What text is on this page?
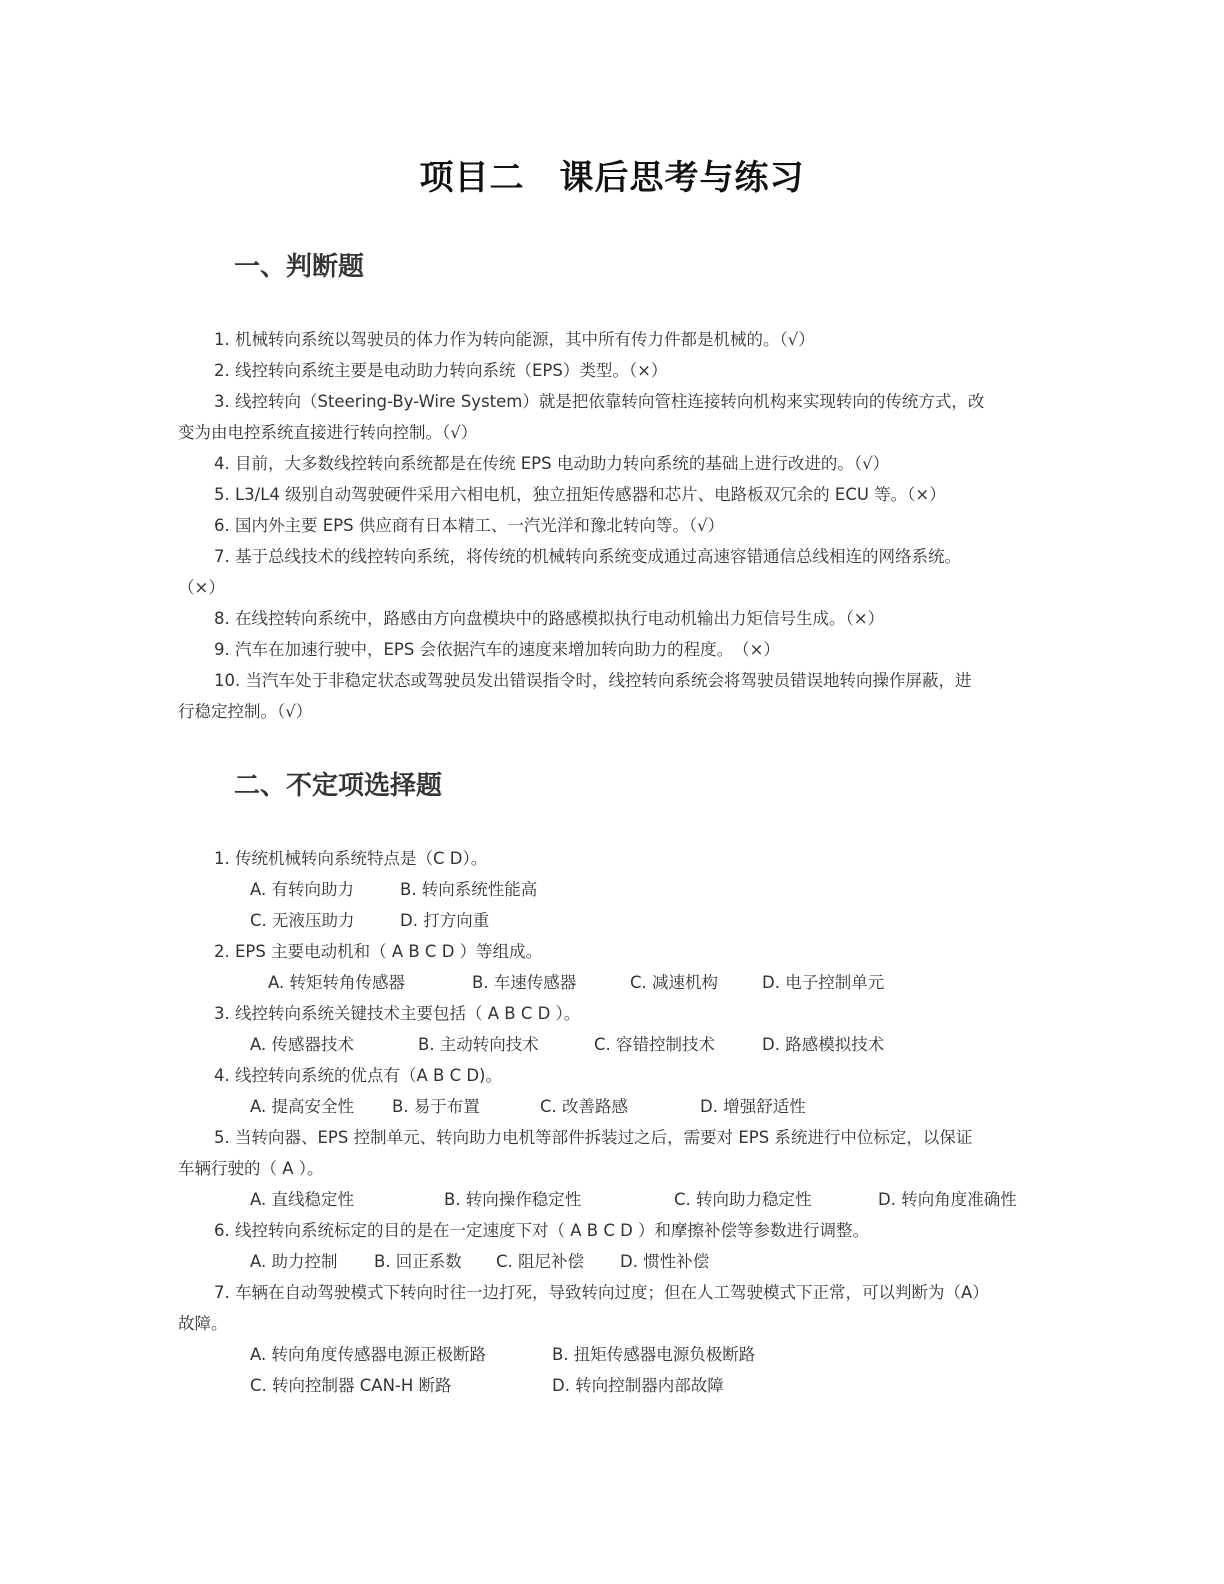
项目二　课后思考与练习
一、判断题

1. 机械转向系统以驾驶员的体力作为转向能源，其中所有传力件都是机械的。（√）

2. 线控转向系统主要是电动助力转向系统（EPS）类型。（×）

3. 线控转向（Steering-By-Wire System）就是把依靠转向管柱连接转向机构来实现转向的传统方式，改

变为由电控系统直接进行转向控制。（√）

4. 目前，大多数线控转向系统都是在传统 EPS 电动助力转向系统的基础上进行改进的。（√）

5. L3/L4 级别自动驾驶硬件采用六相电机，独立扭矩传感器和芯片、电路板双冗余的 ECU 等。（×）

6. 国内外主要 EPS 供应商有日本精工、一汽光洋和豫北转向等。（√）

7. 基于总线技术的线控转向系统，将传统的机械转向系统变成通过高速容错通信总线相连的网络系统。

（×）

8. 在线控转向系统中，路感由方向盘模块中的路感模拟执行电动机输出力矩信号生成。（×）

9. 汽车在加速行驶中，EPS 会依据汽车的速度来增加转向助力的程度。　（×）

10. 当汽车处于非稳定状态或驾驶员发出错误指令时，线控转向系统会将驾驶员错误地转向操作屏蔽，进

行稳定控制。（√）

二、不定项选择题

1. 传统机械转向系统特点是（C D）。

A. 有转向助力	B. 转向系统性能高
C. 无液压助力	D. 打方向重

2. EPS 主要电动机和（ A B C D ）等组成。

A. 转矩转角传感器	B. 车速传感器	C. 减速机构	D. 电子控制单元

3. 线控转向系统关键技术主要包括（ A B C D ）。

A. 传感器技术	B. 主动转向技术	C. 容错控制技术	D. 路感模拟技术

4. 线控转向系统的优点有（A B C D)。

A. 提高安全性 B. 易于布置	C. 改善路感	D. 增强舒适性

5. 当转向器、EPS 控制单元、转向助力电机等部件拆装过之后，需要对 EPS 系统进行中位标定，以保证

车辆行驶的（ A ）。

A. 直线稳定性	B. 转向操作稳定性	C. 转向助力稳定性	D. 转向角度准确性

6. 线控转向系统标定的目的是在一定速度下对（ A B C D ）和摩擦补偿等参数进行调整。

A. 助力控制 B. 回正系数 C. 阻尼补偿 D. 惯性补偿

7. 车辆在自动驾驶模式下转向时往一边打死，导致转向过度；但在人工驾驶模式下正常，可以判断为（A）

故障。

A. 转向角度传感器电源正极断路	B. 扭矩传感器电源负极断路
C. 转向控制器 CAN-H 断路	D. 转向控制器内部故障
